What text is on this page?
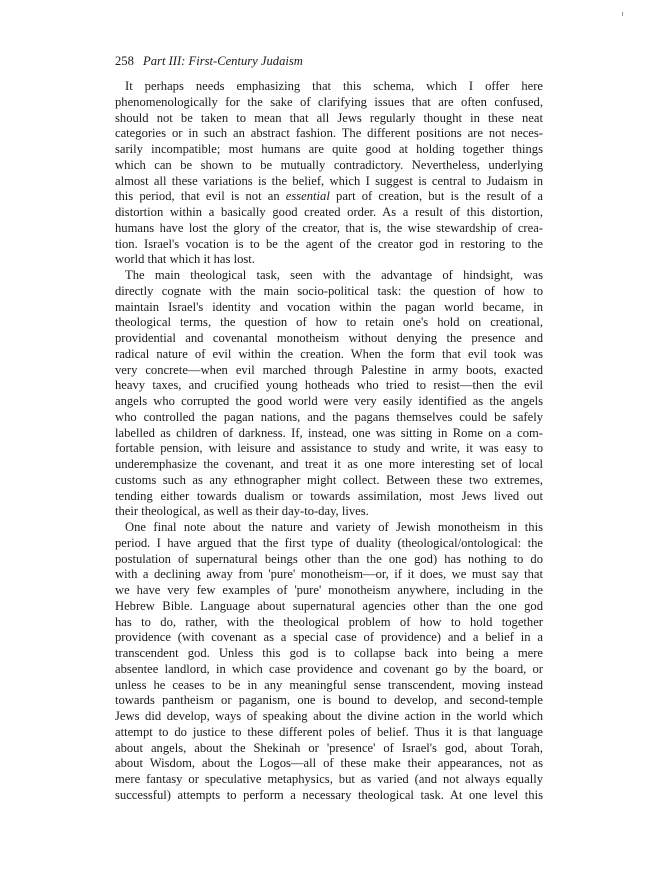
258 Part III: First-Century Judaism
It perhaps needs emphasizing that this schema, which I offer here
phenomenologically for the sake of clarifying issues that are often confused,
should not be taken to mean that all Jews regularly thought in these neat
categories or in such an abstract fashion. The different positions are not neces-
sarily incompatible; most humans are quite good at holding together things
which can be shown to be mutually contradictory. Nevertheless, underlying
almost all these variations is the belief, which I suggest is central to Judaism in
this period, that evil is not an essential part of creation, but is the result of a
distortion within a basically good created order. As a result of this distortion,
humans have lost the glory of the creator, that is, the wise stewardship of crea-
tion. Israel's vocation is to be the agent of the creator god in restoring to the
world that which it has lost.
The main theological task, seen with the advantage of hindsight, was
directly cognate with the main socio-political task: the question of how to
maintain Israel's identity and vocation within the pagan world became, in
theological terms, the question of how to retain one's hold on creational,
providential and covenantal monotheism without denying the presence and
radical nature of evil within the creation. When the form that evil took was
very concrete—when evil marched through Palestine in army boots, exacted
heavy taxes, and crucified young hotheads who tried to resist—then the evil
angels who corrupted the good world were very easily identified as the angels
who controlled the pagan nations, and the pagans themselves could be safely
labelled as children of darkness. If, instead, one was sitting in Rome on a com-
fortable pension, with leisure and assistance to study and write, it was easy to
underemphasize the covenant, and treat it as one more interesting set of local
customs such as any ethnographer might collect. Between these two extremes,
tending either towards dualism or towards assimilation, most Jews lived out
their theological, as well as their day-to-day, lives.
One final note about the nature and variety of Jewish monotheism in this
period. I have argued that the first type of duality (theological/ontological: the
postulation of supernatural beings other than the one god) has nothing to do
with a declining away from 'pure' monotheism—or, if it does, we must say that
we have very few examples of 'pure' monotheism anywhere, including in the
Hebrew Bible. Language about supernatural agencies other than the one god
has to do, rather, with the theological problem of how to hold together
providence (with covenant as a special case of providence) and a belief in a
transcendent god. Unless this god is to collapse back into being a mere
absentee landlord, in which case providence and covenant go by the board, or
unless he ceases to be in any meaningful sense transcendent, moving instead
towards pantheism or paganism, one is bound to develop, and second-temple
Jews did develop, ways of speaking about the divine action in the world which
attempt to do justice to these different poles of belief. Thus it is that language
about angels, about the Shekinah or 'presence' of Israel's god, about Torah,
about Wisdom, about the Logos—all of these make their appearances, not as
mere fantasy or speculative metaphysics, but as varied (and not always equally
successful) attempts to perform a necessary theological task. At one level this
